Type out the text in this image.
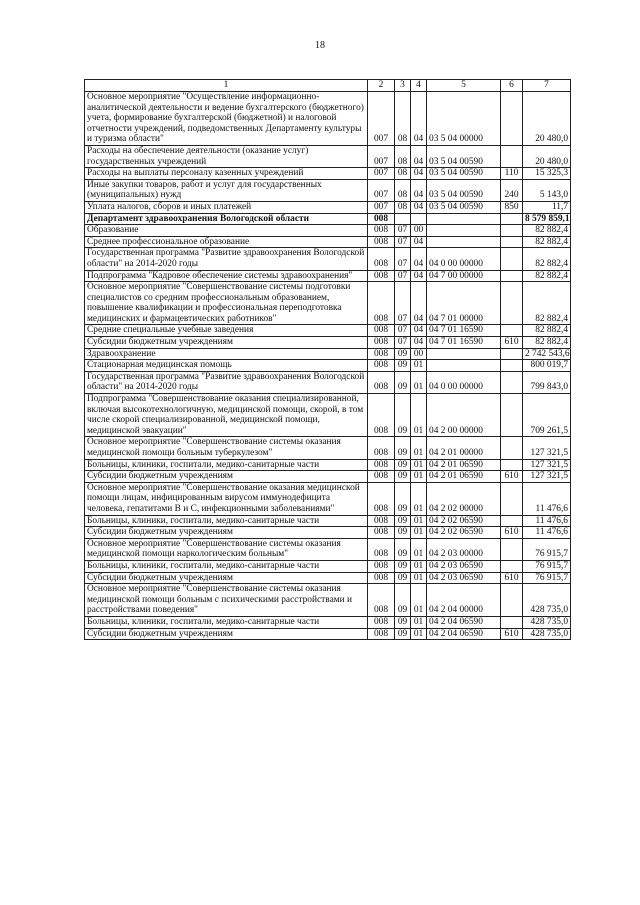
18
1	2	3	4	5	6	7
Основное мероприятие "Осуществление информационно-аналитической деятельности и ведение бухгалтерского (бюджетного) учета, формирование бухгалтерской (бюджетной) и налоговой отчетности учреждений, подведомственных Департаменту культуры и туризма области"	007	08	04	03 5 04 00000		20 480,0
Расходы на обеспечение деятельности (оказание услуг) государственных учреждений	007	08	04	03 5 04 00590		20 480,0
Расходы на выплаты персоналу казенных учреждений	007	08	04	03 5 04 00590	110	15 325,3
Иные закупки товаров, работ и услуг для государственных (муниципальных) нужд	007	08	04	03 5 04 00590	240	5 143,0
Уплата налогов, сборов и иных платежей	007	08	04	03 5 04 00590	850	11,7
Департамент здравоохранения Вологодской области	008					8 579 859,1
Образование	008	07	00			82 882,4
Среднее профессиональное образование	008	07	04			82 882,4
Государственная программа "Развитие здравоохранения Вологодской области" на 2014-2020 годы	008	07	04	04 0 00 00000		82 882,4
Подпрограмма "Кадровое обеспечение системы здравоохранения"	008	07	04	04 7 00 00000		82 882,4
Основное мероприятие "Совершенствование системы подготовки специалистов со средним профессиональным образованием, повышение квалификации и профессиональная переподготовка медицинских и фармацевтических работников"	008	07	04	04 7 01 00000		82 882,4
Средние специальные учебные заведения	008	07	04	04 7 01 16590		82 882,4
Субсидии бюджетным учреждениям	008	07	04	04 7 01 16590	610	82 882,4
Здравоохранение	008	09	00			2 742 543,6
Стационарная медицинская помощь	008	09	01			800 019,7
Государственная программа "Развитие здравоохранения Вологодской области" на 2014-2020 годы	008	09	01	04 0 00 00000		799 843,0
Подпрограмма "Совершенствование оказания специализированной, включая высокотехнологичную, медицинской помощи, скорой, в том числе скорой специализированной, медицинской помощи, медицинской эвакуации"	008	09	01	04 2 00 00000		709 261,5
Основное мероприятие "Совершенствование системы оказания медицинской помощи больным туберкулезом"	008	09	01	04 2 01 00000		127 321,5
Больницы, клиники, госпитали, медико-санитарные части	008	09	01	04 2 01 06590		127 321,5
Субсидии бюджетным учреждениям	008	09	01	04 2 01 06590	610	127 321,5
Основное мероприятие "Совершенствование оказания медицинской помощи лицам, инфицированным вирусом иммунодефицита человека, гепатитами B и C, инфекционными заболеваниями"	008	09	01	04 2 02 00000		11 476,6
Больницы, клиники, госпитали, медико-санитарные части	008	09	01	04 2 02 06590		11 476,6
Субсидии бюджетным учреждениям	008	09	01	04 2 02 06590	610	11 476,6
Основное мероприятие "Совершенствование системы оказания медицинской помощи наркологическим больным"	008	09	01	04 2 03 00000		76 915,7
Больницы, клиники, госпитали, медико-санитарные части	008	09	01	04 2 03 06590		76 915,7
Субсидии бюджетным учреждениям	008	09	01	04 2 03 06590	610	76 915,7
Основное мероприятие "Совершенствование системы оказания медицинской помощи больным с психическими расстройствами и расстройствами поведения"	008	09	01	04 2 04 00000		428 735,0
Больницы, клиники, госпитали, медико-санитарные части	008	09	01	04 2 04 06590		428 735,0
Субсидии бюджетным учреждениям	008	09	01	04 2 04 06590	610	428 735,0
